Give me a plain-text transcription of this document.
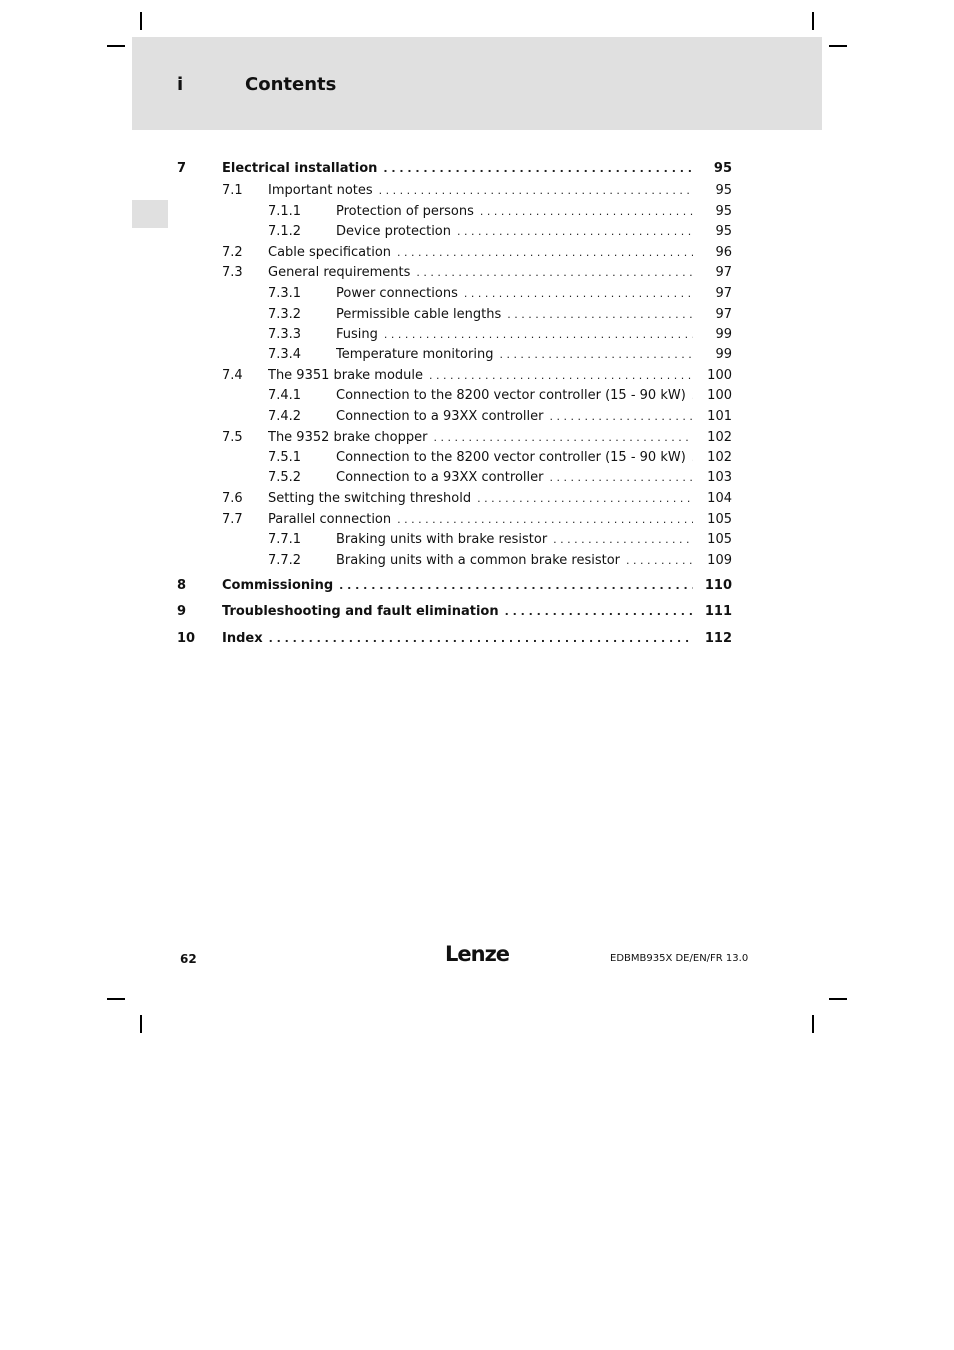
i	Contents
7	Electrical installation . . .	95
7.1 Important notes . . .	95
7.1.1	Protection of persons . . .	95
7.1.2	Device protection . . .	95
7.2 Cable specification . . .	96
7.3 General requirements . . .	97
7.3.1	Power connections . . .	97
7.3.2	Permissible cable lengths . . .	97
7.3.3	Fusing . . .	99
7.3.4	Temperature monitoring . . .	99
7.4 The 9351 brake module . . .	100
7.4.1	Connection to the 8200 vector controller (15 - 90 kW) . . .	100
7.4.2	Connection to a 93XX controller . . .	101
7.5 The 9352 brake chopper . . .	102
7.5.1	Connection to the 8200 vector controller (15 - 90 kW) . . .	102
7.5.2	Connection to a 93XX controller . . .	103
7.6 Setting the switching threshold . . .	104
7.7 Parallel connection . . .	105
7.7.1	Braking units with brake resistor . . .	105
7.7.2	Braking units with a common brake resistor . . .	109
8	Commissioning . . .	110
9	Troubleshooting and fault elimination . . .	111
10 Index . . .	112
62	Lenze	EDBMB935X DE/EN/FR 13.0
